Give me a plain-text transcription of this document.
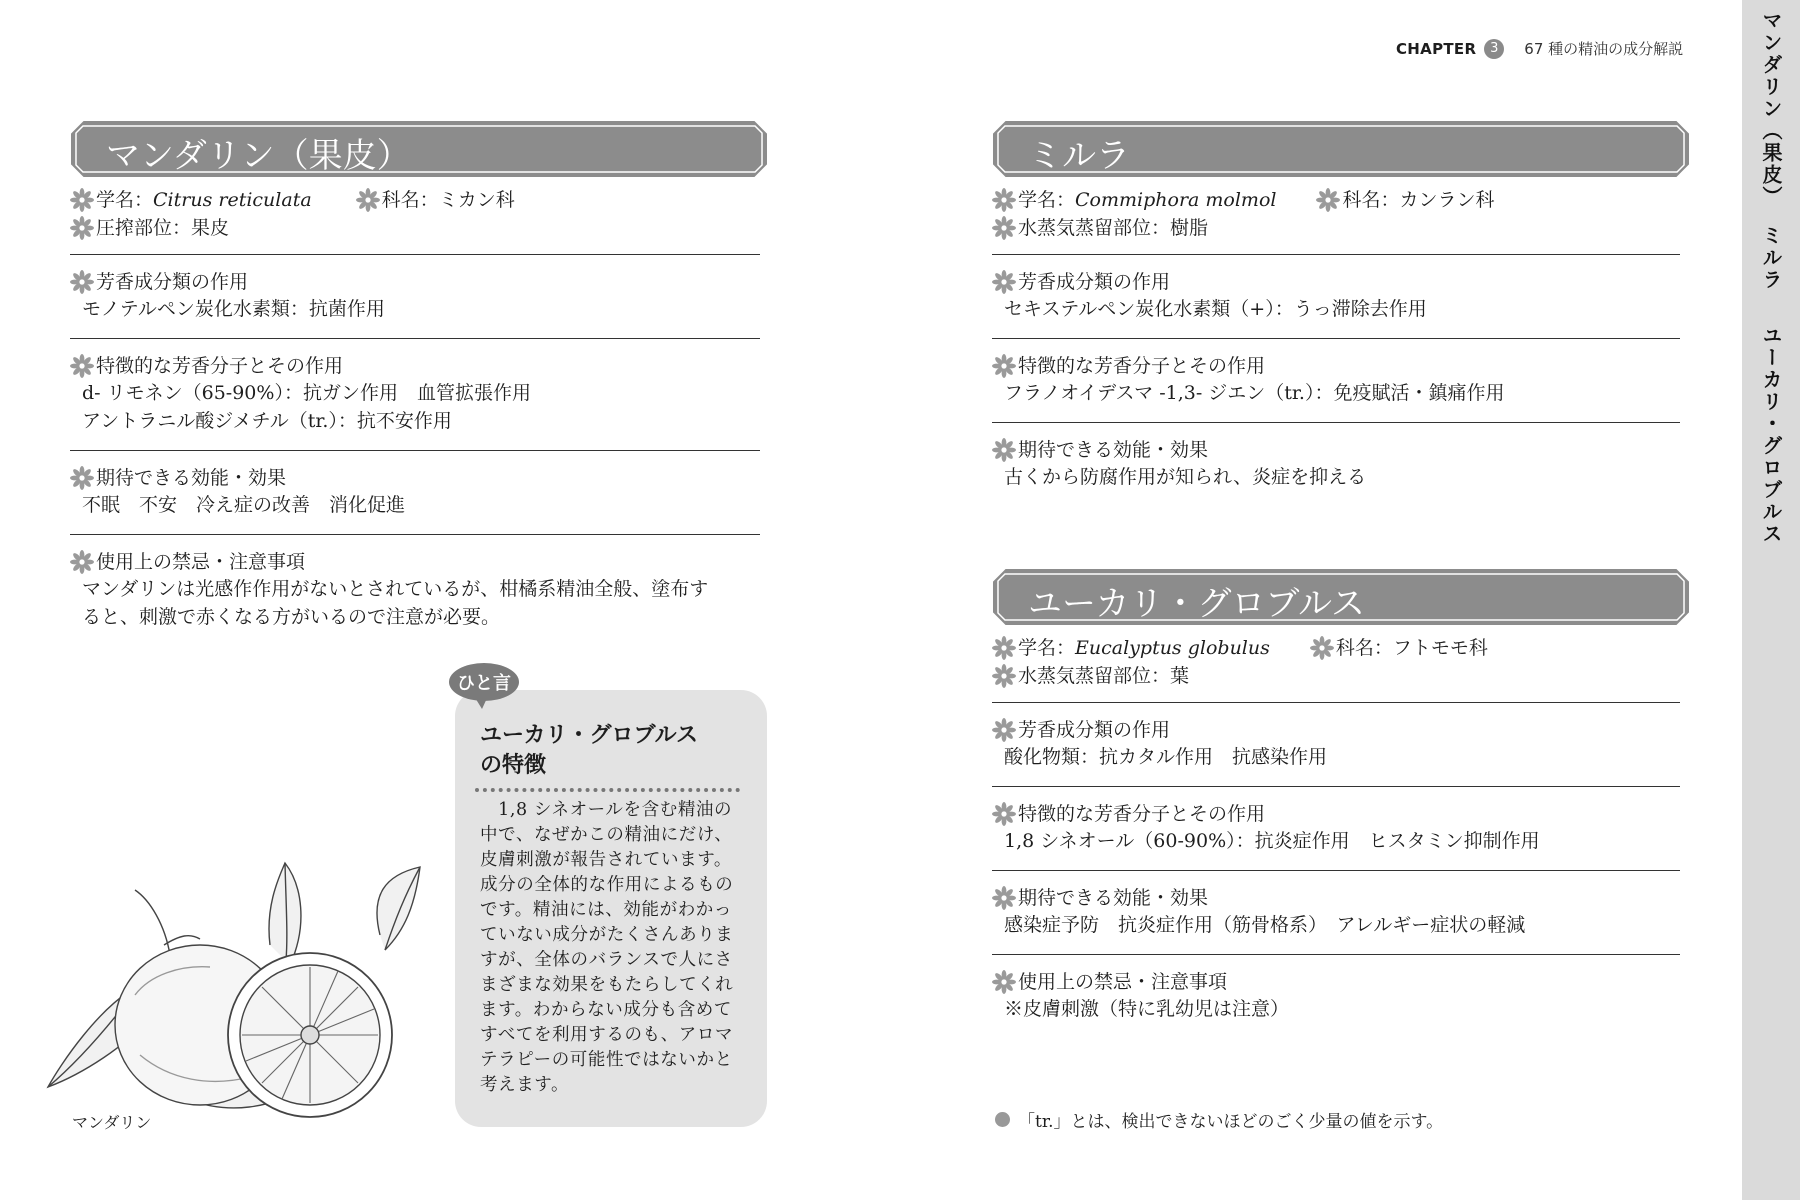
CHAPTER	3	67 種の精油の成分解説	マンダリン（果皮）
ミルラ
ユーカリ・グロブルス
マンダリン（果皮）
学名： Citrus reticulata	科名： ミカン科
圧搾部位： 果皮
芳香成分類の作用
モノテルペン炭化水素類：抗菌作用
特徴的な芳香分子とその作用
d- リモネン（65-90%）：抗ガン作用　血管拡張作用
アントラニル酸ジメチル（tr.）：抗不安作用
期待できる効能・効果
不眠　不安　冷え症の改善　消化促進
使用上の禁忌・注意事項
マンダリンは光感作作用がないとされているが、柑橘系精油全般、塗布す
ると、刺激で赤くなる方がいるので注意が必要。
マンダリン
ひと言
ユーカリ・グロブルス
の特徴
　1,8 シネオールを含む精油の中で、なぜかこの精油にだけ、皮膚刺激が報告されています。成分の全体的な作用によるものです。精油には、効能がわかっていない成分がたくさんありますが、全体のバランスで人にさまざまな効果をもたらしてくれます。わからない成分も含めてすべてを利用するのも、アロマテラピーの可能性ではないかと考えます。
ミルラ
学名： Commiphora molmol	科名： カンラン科
水蒸気蒸留部位： 樹脂
芳香成分類の作用
セキステルペン炭化水素類（+）：うっ滞除去作用
特徴的な芳香分子とその作用
フラノオイデスマ -1,3- ジエン（tr.）：免疫賦活・鎮痛作用
期待できる効能・効果
古くから防腐作用が知られ、炎症を抑える
ユーカリ・グロブルス
学名： Eucalyptus globulus	科名： フトモモ科
水蒸気蒸留部位： 葉
芳香成分類の作用
酸化物類：抗カタル作用　抗感染作用
特徴的な芳香分子とその作用
1,8 シネオール（60-90%）：抗炎症作用　ヒスタミン抑制作用
期待できる効能・効果
感染症予防　抗炎症作用（筋骨格系）　アレルギー症状の軽減
使用上の禁忌・注意事項
※皮膚刺激（特に乳幼児は注意）
「tr.」とは、検出できないほどのごく少量の値を示す。
